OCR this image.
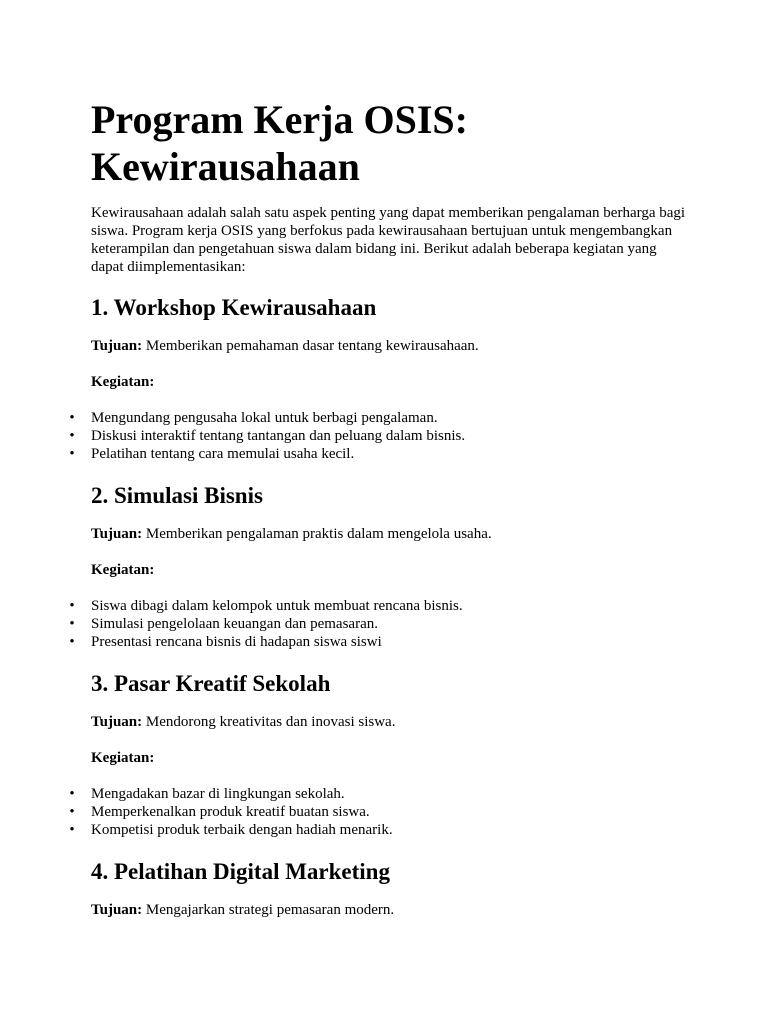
Program Kerja OSIS:
Kewirausahaan

Kewirausahaan adalah salah satu aspek penting yang dapat memberikan pengalaman berharga bagi siswa. Program kerja OSIS yang berfokus pada kewirausahaan bertujuan untuk mengembangkan keterampilan dan pengetahuan siswa dalam bidang ini. Berikut adalah beberapa kegiatan yang dapat diimplementasikan:

1. Workshop Kewirausahaan

Tujuan: Memberikan pemahaman dasar tentang kewirausahaan.

Kegiatan:

• Mengundang pengusaha lokal untuk berbagi pengalaman.
• Diskusi interaktif tentang tantangan dan peluang dalam bisnis.
• Pelatihan tentang cara memulai usaha kecil.
2. Simulasi Bisnis

Tujuan: Memberikan pengalaman praktis dalam mengelola usaha.

Kegiatan:

• Siswa dibagi dalam kelompok untuk membuat rencana bisnis.
• Simulasi pengelolaan keuangan dan pemasaran.
• Presentasi rencana bisnis di hadapan siswa siswi
3. Pasar Kreatif Sekolah

Tujuan: Mendorong kreativitas dan inovasi siswa.

Kegiatan:

• Mengadakan bazar di lingkungan sekolah.
• Memperkenalkan produk kreatif buatan siswa.
• Kompetisi produk terbaik dengan hadiah menarik.
4. Pelatihan Digital Marketing

Tujuan: Mengajarkan strategi pemasaran modern.
